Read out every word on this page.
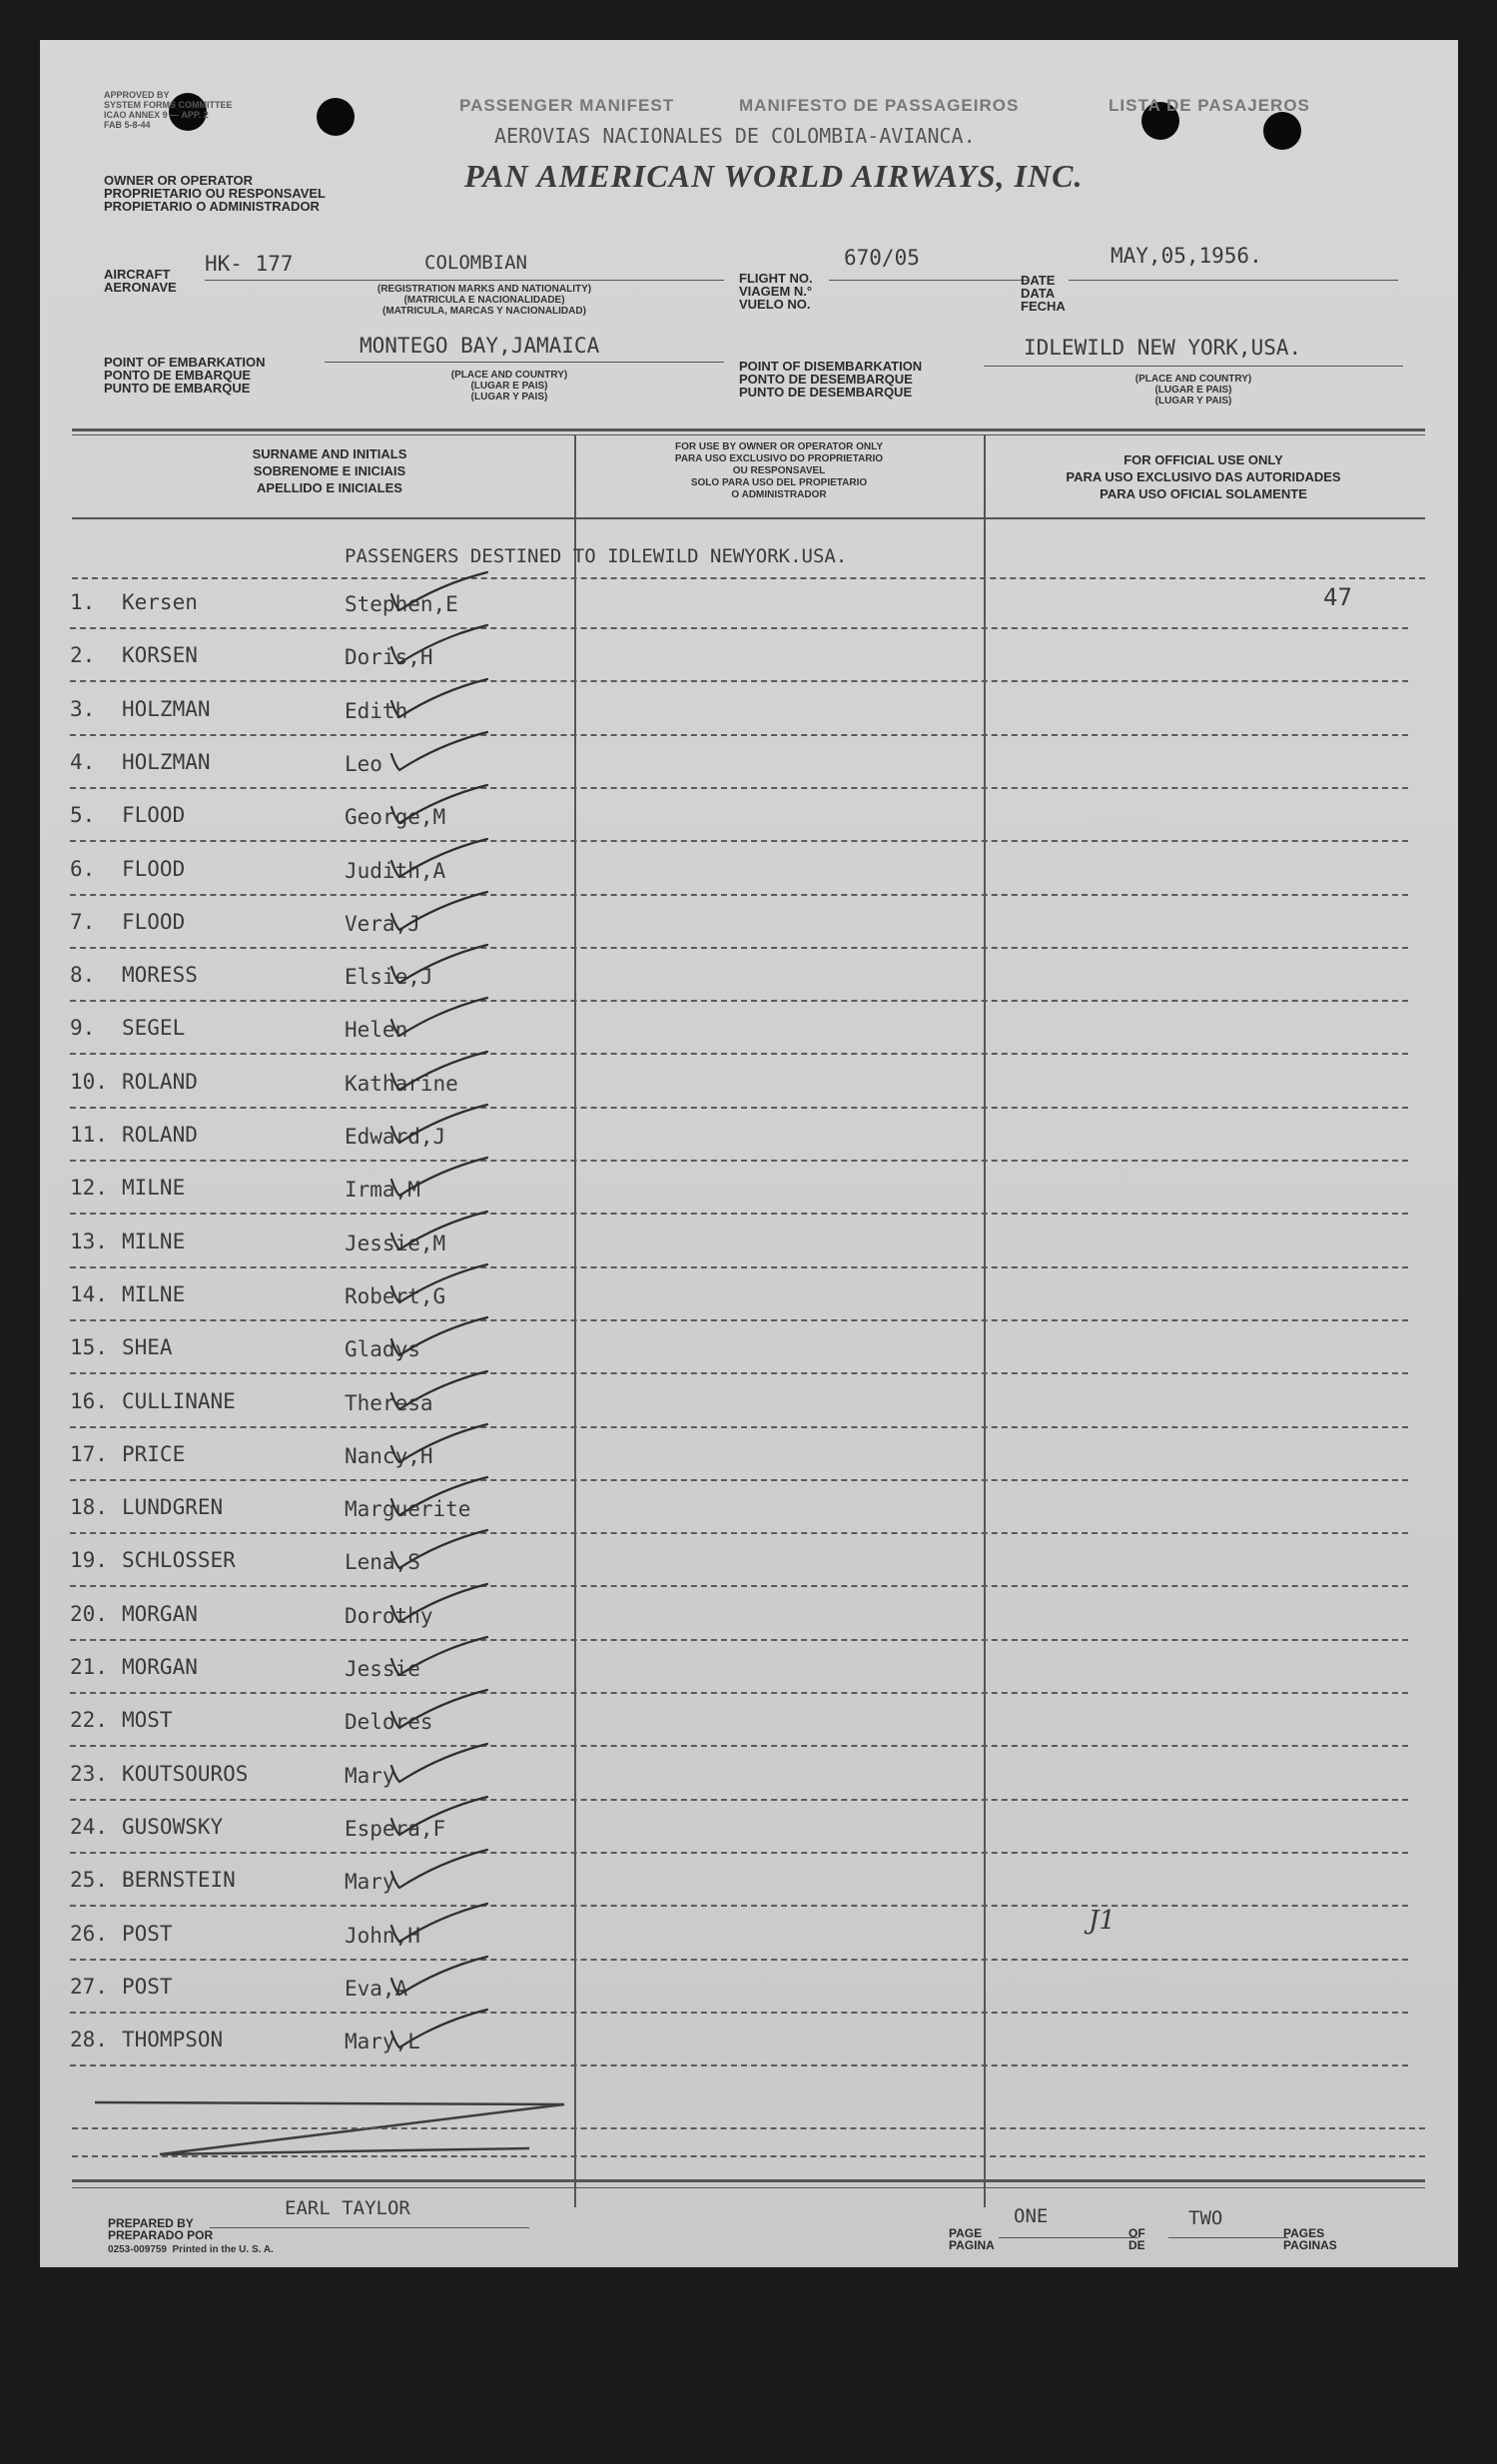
APPROVED BY
SYSTEM FORMS COMMITTEE
ICAO ANNEX 9 — APP. 2
FAB 5-8-44
PASSENGER MANIFEST	MANIFESTO DE PASSAGEIROS	LISTA DE PASAJEROS
OWNER OR OPERATOR
PROPRIETARIO OU RESPONSAVEL
PROPIETARIO O ADMINISTRADOR
AEROVIAS NACIONALES DE COLOMBIA-AVIANCA.
PAN AMERICAN WORLD AIRWAYS, INC.
AIRCRAFT
AERONAVE
HK- 177	COLOMBIAN
(REGISTRATION MARKS AND NATIONALITY)
(MATRICULA E NACIONALIDADE)
(MATRICULA, MARCAS Y NACIONALIDAD)
FLIGHT NO.
VIAGEM N.°
VUELO NO.
670/05
DATE
DATA
FECHA
MAY,05,1956.
POINT OF EMBARKATION
PONTO DE EMBARQUE
PUNTO DE EMBARQUE
MONTEGO BAY,JAMAICA
(PLACE AND COUNTRY)
(LUGAR E PAIS)
(LUGAR Y PAIS)
POINT OF DISEMBARKATION
PONTO DE DESEMBARQUE
PUNTO DE DESEMBARQUE
IDLEWILD NEW YORK,USA.
(PLACE AND COUNTRY)
(LUGAR E PAIS)
(LUGAR Y PAIS)
SURNAME AND INITIALS
SOBRENOME E INICIAIS
APELLIDO E INICIALES
FOR USE BY OWNER OR OPERATOR ONLY
PARA USO EXCLUSIVO DO PROPRIETARIO
OU RESPONSAVEL
SOLO PARA USO DEL PROPIETARIO
O ADMINISTRADOR
FOR OFFICIAL USE ONLY
PARA USO EXCLUSIVO DAS AUTORIDADES
PARA USO OFICIAL SOLAMENTE
PASSENGERS DESTINED TO IDLEWILD NEWYORK.USA.
47
J1
1. Kersen	Stephen,E
2. KORSEN	Doris,H
3. HOLZMAN	Edith
4. HOLZMAN	Leo
5. FLOOD	George,M
6. FLOOD	Judith,A
7. FLOOD	Vera,J
8. MORESS	Elsie,J
9. SEGEL	Helen
10. ROLAND	Katharine
11. ROLAND	Edward,J
12. MILNE	Irma,M
13. MILNE	Jessie,M
14. MILNE	Robert,G
15. SHEA	Gladys
16. CULLINANE	Theresa
17. PRICE	Nancy,H
18. LUNDGREN	Marguerite
19. SCHLOSSER	Lena,S
20. MORGAN	Dorothy
21. MORGAN	Jessie
22. MOST	Delores
23. KOUTSOUROS	Mary
24. GUSOWSKY	Espera,F
25. BERNSTEIN	Mary
26. POST	John,H
27. POST	Eva,A
28. THOMPSON	Mary,L
PREPARED BY
PREPARADO POR
EARL TAYLOR
0253-009759 Printed in the U. S. A.
PAGE
PAGINA
ONE
OF
DE
TWO
PAGES
PAGINAS
